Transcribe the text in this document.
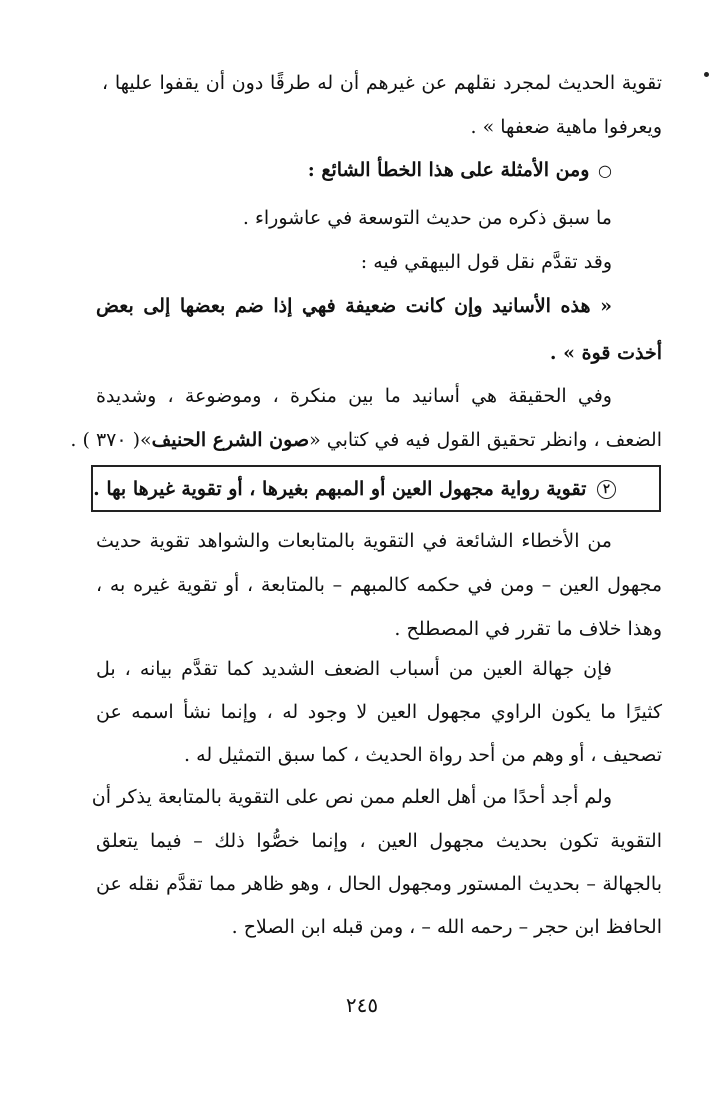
تقوية الحديث لمجرد نقلهم عن غيرهم أن له طرقًا دون أن يقفوا عليها ،
ويعرفوا ماهية ضعفها » .
○ ومن الأمثلة على هذا الخطأ الشائع :
ما سبق ذكره من حديث التوسعة في عاشوراء .
وقد تقدَّم نقل قول البيهقي فيه :
« هذه الأسانيد وإن كانت ضعيفة فهي إذا ضم بعضها إلى بعض
أخذت قوة » .
وفي الحقيقة هي أسانيد ما بين منكرة ، وموضوعة ، وشديدة
الضعف ، وانظر تحقيق القول فيه في كتابي «صون الشرع الحنيف»( ٣٧٠ ) .
٢ تقوية رواية مجهول العين أو المبهم بغيرها ، أو تقوية غيرها بها .
من الأخطاء الشائعة في التقوية بالمتابعات والشواهد تقوية حديث
مجهول العين – ومن في حكمه كالمبهم – بالمتابعة ، أو تقوية غيره به ،
وهذا خلاف ما تقرر في المصطلح .
فإن جهالة العين من أسباب الضعف الشديد كما تقدَّم بيانه ، بل
كثيرًا ما يكون الراوي مجهول العين لا وجود له ، وإنما نشأ اسمه عن
تصحيف ، أو وهم من أحد رواة الحديث ، كما سبق التمثيل له .
ولم أجد أحدًا من أهل العلم ممن نص على التقوية بالمتابعة يذكر أن
التقوية تكون بحديث مجهول العين ، وإنما خصُّوا ذلك – فيما يتعلق
بالجهالة – بحديث المستور ومجهول الحال ، وهو ظاهر مما تقدَّم نقله عن
الحافظ ابن حجر – رحمه الله – ، ومن قبله ابن الصلاح .
٢٤٥
